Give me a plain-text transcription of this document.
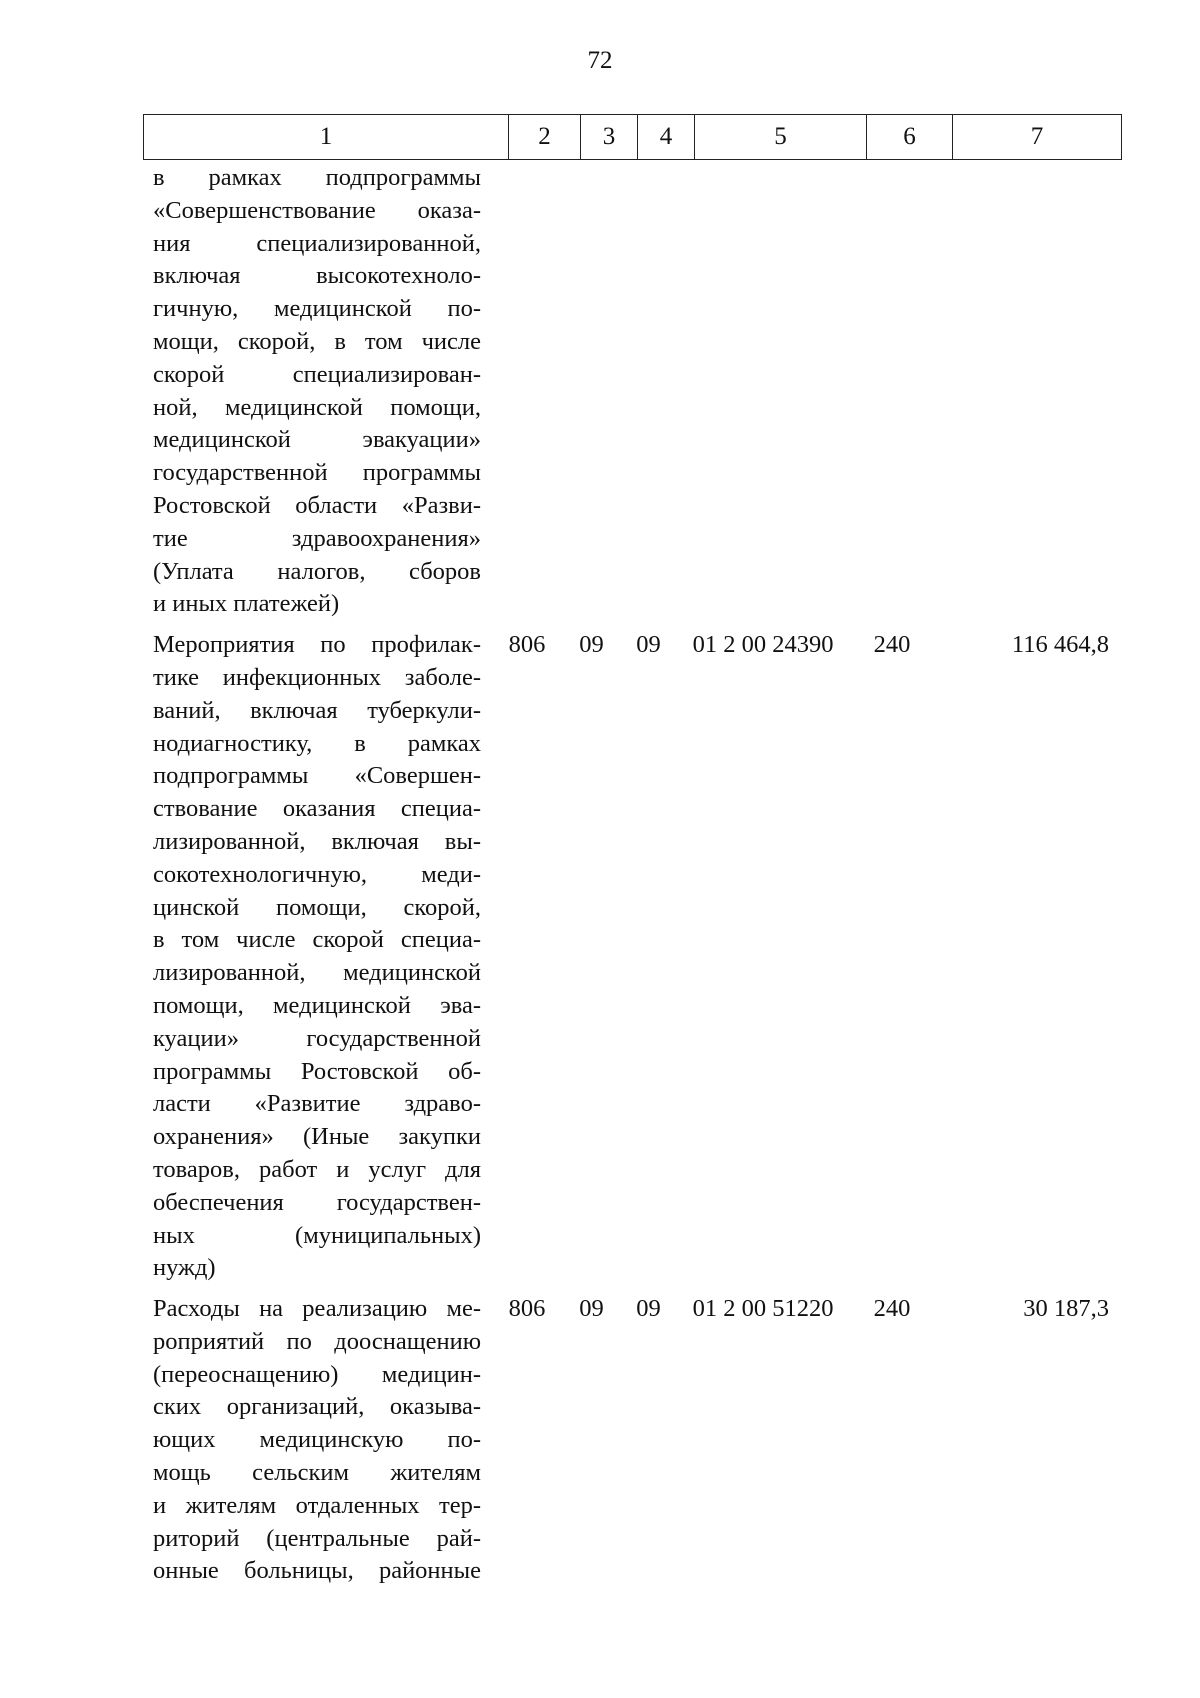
72
1	2	3	4	5	6	7
в рамках подпрограммы
«Совершенствование оказа-
ния специализированной,
включая высокотехноло-
гичную, медицинской по-
мощи, скорой, в том числе
скорой специализирован-
ной, медицинской помощи,
медицинской эвакуации»
государственной программы
Ростовской области «Разви-
тие здравоохранения»
(Уплата налогов, сборов
и иных платежей)
Мероприятия по профилак-
тике инфекционных заболе-
ваний, включая туберкули-
нодиагностику, в рамках
подпрограммы «Совершен-
ствование оказания специа-
лизированной, включая вы-
сокотехнологичную, меди-
цинской помощи, скорой,
в том числе скорой специа-
лизированной, медицинской
помощи, медицинской эва-
куации» государственной
программы Ростовской об-
ласти «Развитие здраво-
охранения» (Иные закупки
товаров, работ и услуг для
обеспечения государствен-
ных (муниципальных)
нужд)
806	09	09	01 2 00 24390	240	116 464,8
Расходы на реализацию ме-
роприятий по дооснащению
(переоснащению) медицин-
ских организаций, оказыва-
ющих медицинскую по-
мощь сельским жителям
и жителям отдаленных тер-
риторий (центральные рай-
онные больницы, районные
806	09	09	01 2 00 51220	240	30 187,3
